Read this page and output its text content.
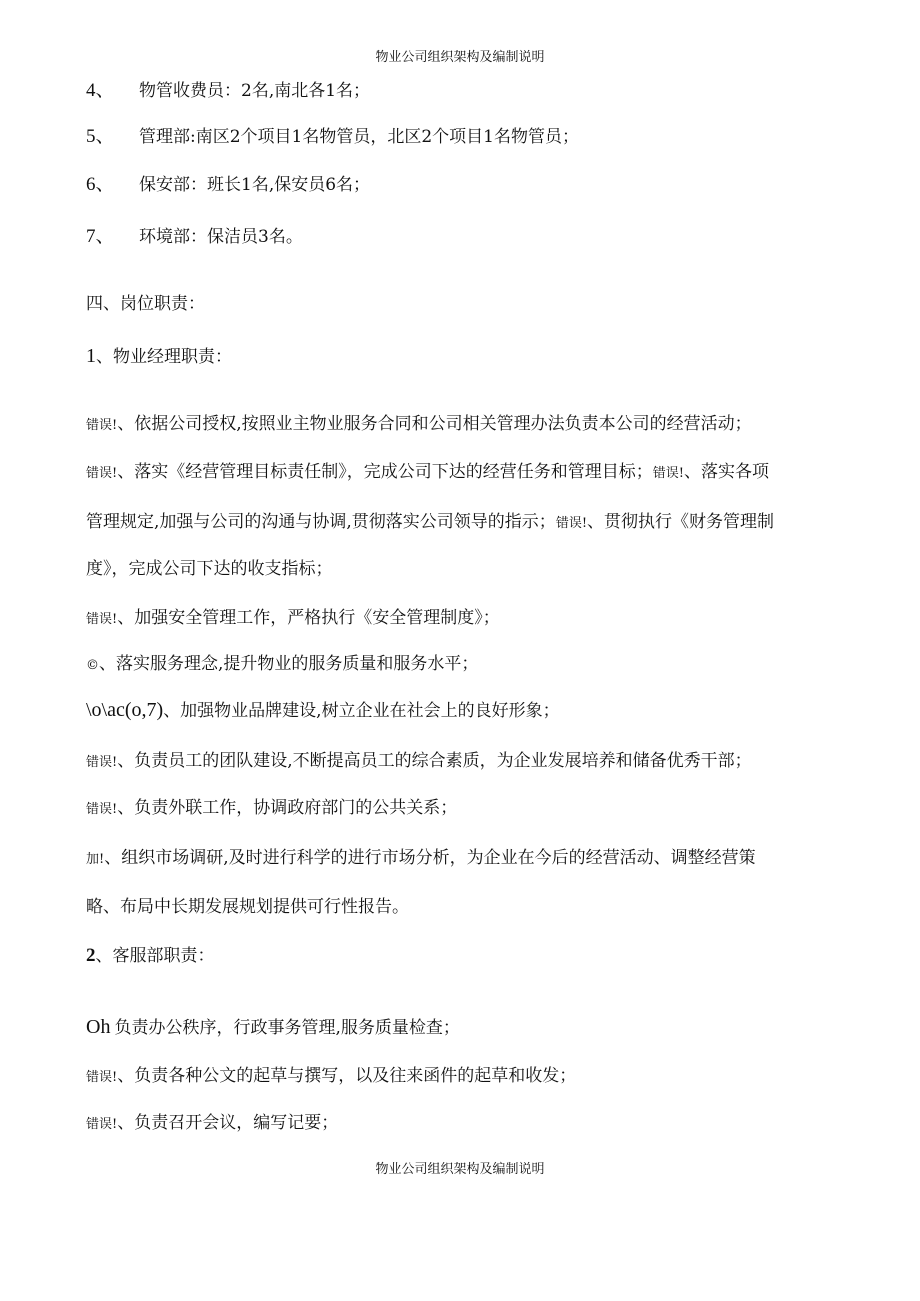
物业公司组织架构及编制说明
4、 物管收费员：2名,南北各1名；
5、 管理部:南区2个项目1名物管员，北区2个项目1名物管员；
6、 保安部：班长1名,保安员6名；
7、 环境部：保洁员3名。
四、岗位职责：
1、物业经理职责：
错误!、依据公司授权,按照业主物业服务合同和公司相关管理办法负责本公司的经营活动；
错误!、落实《经营管理目标责任制》，完成公司下达的经营任务和管理目标；错误!、落实各项
管理规定,加强与公司的沟通与协调,贯彻落实公司领导的指示；错误!、贯彻执行《财务管理制
度》，完成公司下达的收支指标；
错误!、加强安全管理工作，严格执行《安全管理制度》；
©、落实服务理念,提升物业的服务质量和服务水平；
\o\ac(o,7)、加强物业品牌建设,树立企业在社会上的良好形象；
错误!、负责员工的团队建设,不断提高员工的综合素质，为企业发展培养和储备优秀干部；
错误!、负责外联工作，协调政府部门的公共关系；
加!、组织市场调研,及时进行科学的进行市场分析，为企业在今后的经营活动、调整经营策
略、布局中长期发展规划提供可行性报告。
2、客服部职责：
Oh 负责办公秩序，行政事务管理,服务质量检查；
错误!、负责各种公文的起草与撰写，以及往来函件的起草和收发；
错误!、负责召开会议，编写记要；
物业公司组织架构及编制说明
